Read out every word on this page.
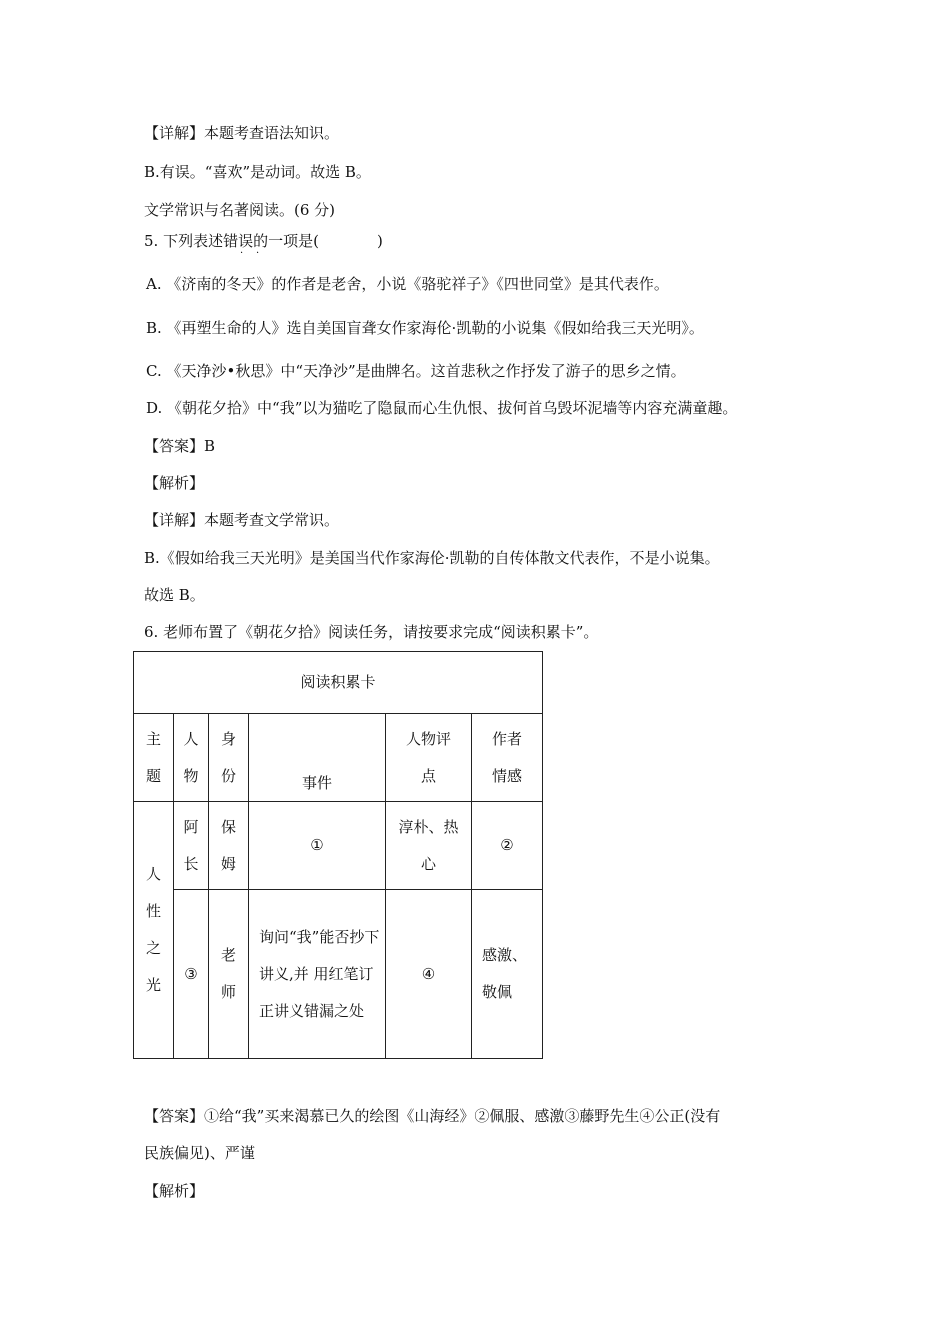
【详解】本题考查语法知识。
B.有误。“喜欢”是动词。故选 B。
文学常识与名著阅读。(6 分)
5. 下列表述错误的一项是(	)
· ·
A. 《济南的冬天》的作者是老舍，小说《骆驼祥子》《四世同堂》是其代表作。
B. 《再塑生命的人》选自美国盲聋女作家海伦·凯勒的小说集《假如给我三天光明》。
C. 《天净沙•秋思》中“天净沙”是曲牌名。这首悲秋之作抒发了游子的思乡之情。
D. 《朝花夕拾》中“我”以为猫吃了隐鼠而心生仇恨、拔何首乌毁坏泥墙等内容充满童趣。
【答案】B
【解析】
【详解】本题考查文学常识。
B.《假如给我三天光明》是美国当代作家海伦·凯勒的自传体散文代表作，不是小说集。
故选 B。
6. 老师布置了《朝花夕拾》阅读任务，请按要求完成“阅读积累卡”。
阅读积累卡					

主题	人物	身份	事件	人物评点	作者情感

人性之光	阿长	保姆	①	淳朴、热心	②
	③	老师	询问“我”能否抄下讲义,并 用红笔订正讲义错漏之处	④	感激、敬佩
【答案】①给“我”买来渴慕已久的绘图《山海经》②佩服、感激③藤野先生④公正(没有
民族偏见)、严谨
【解析】
